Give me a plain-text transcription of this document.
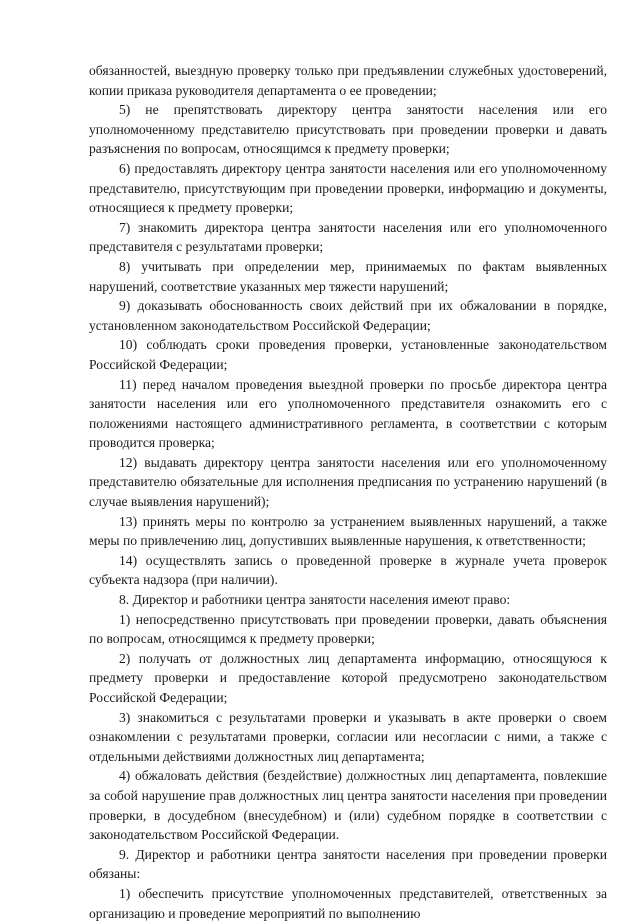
обязанностей, выездную проверку только при предъявлении служебных удостоверений, копии приказа руководителя департамента о ее проведении;

5) не препятствовать директору центра занятости населения или его уполномоченному представителю присутствовать при проведении проверки и давать разъяснения по вопросам, относящимся к предмету проверки;

6) предоставлять директору центра занятости населения или его уполномоченному представителю, присутствующим при проведении проверки, информацию и документы, относящиеся к предмету проверки;

7) знакомить директора центра занятости населения или его уполномоченного представителя с результатами проверки;

8) учитывать при определении мер, принимаемых по фактам выявленных нарушений, соответствие указанных мер тяжести нарушений;

9) доказывать обоснованность своих действий при их обжаловании в порядке, установленном законодательством Российской Федерации;

10) соблюдать сроки проведения проверки, установленные законодательством Российской Федерации;

11) перед началом проведения выездной проверки по просьбе директора центра занятости населения или его уполномоченного представителя ознакомить его с положениями настоящего административного регламента, в соответствии с которым проводится проверка;

12) выдавать директору центра занятости населения или его уполномоченному представителю обязательные для исполнения предписания по устранению нарушений (в случае выявления нарушений);

13) принять меры по контролю за устранением выявленных нарушений, а также меры по привлечению лиц, допустивших выявленные нарушения, к ответственности;

14) осуществлять запись о проведенной проверке в журнале учета проверок субъекта надзора (при наличии).

8. Директор и работники центра занятости населения имеют право:

1) непосредственно присутствовать при проведении проверки, давать объяснения по вопросам, относящимся к предмету проверки;

2) получать от должностных лиц департамента информацию, относящуюся к предмету проверки и предоставление которой предусмотрено законодательством Российской Федерации;

3) знакомиться с результатами проверки и указывать в акте проверки о своем ознакомлении с результатами проверки, согласии или несогласии с ними, а также с отдельными действиями должностных лиц департамента;

4) обжаловать действия (бездействие) должностных лиц департамента, повлекшие за собой нарушение прав должностных лиц центра занятости населения при проведении проверки, в досудебном (внесудебном) и (или) судебном порядке в соответствии с законодательством Российской Федерации.

9. Директор и работники центра занятости населения при проведении проверки обязаны:

1) обеспечить присутствие уполномоченных представителей, ответственных за организацию и проведение мероприятий по выполнению
